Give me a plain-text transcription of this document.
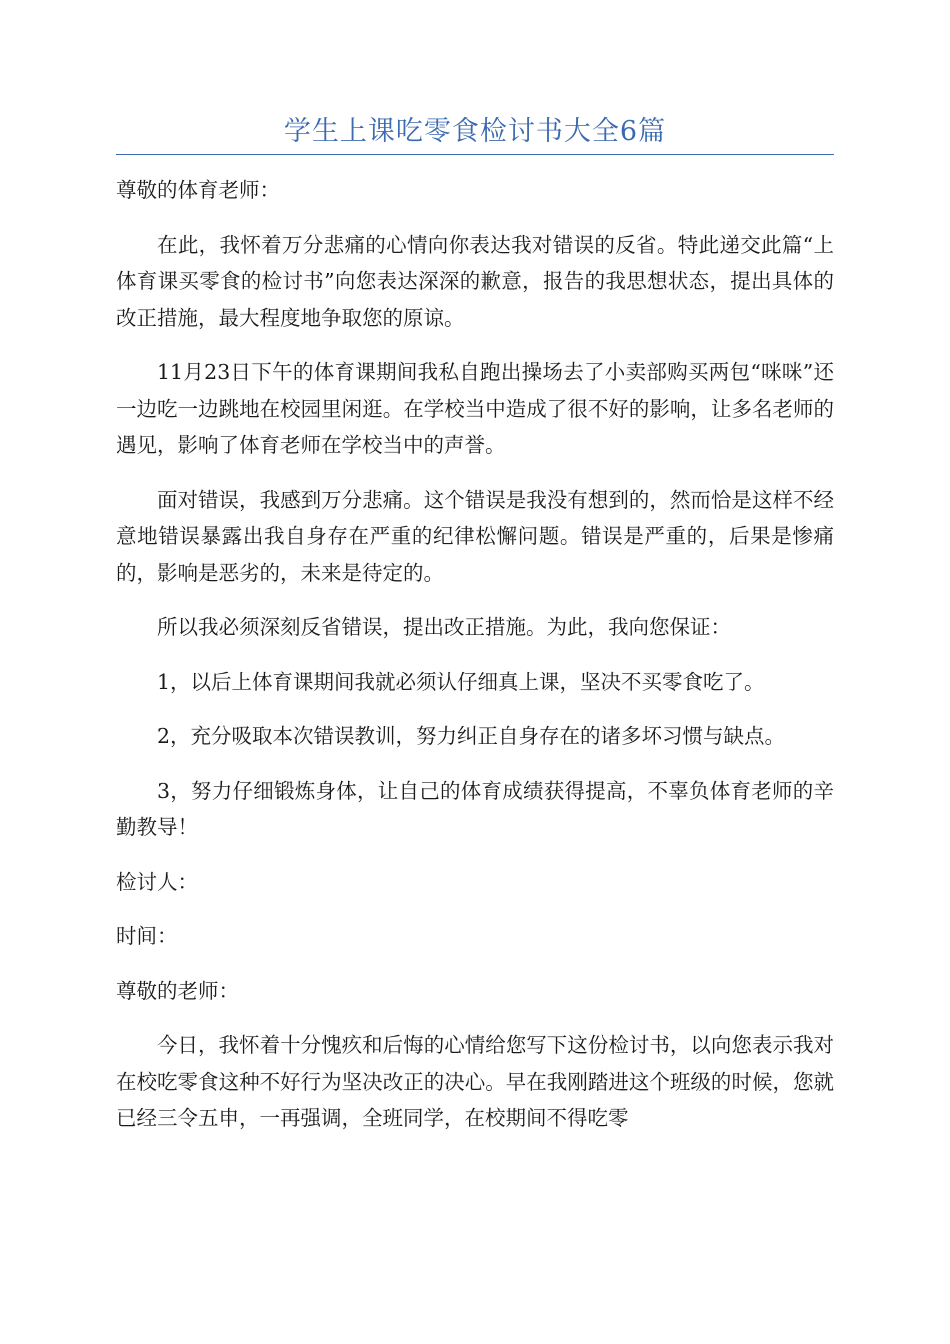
学生上课吃零食检讨书大全6篇

尊敬的体育老师：

在此，我怀着万分悲痛的心情向你表达我对错误的反省。特此递交此篇“上体育课买零食的检讨书”向您表达深深的歉意，报告的我思想状态，提出具体的改正措施，最大程度地争取您的原谅。

11月23日下午的体育课期间我私自跑出操场去了小卖部购买两包“咪咪”还一边吃一边跳地在校园里闲逛。在学校当中造成了很不好的影响，让多名老师的遇见，影响了体育老师在学校当中的声誉。

面对错误，我感到万分悲痛。这个错误是我没有想到的，然而恰是这样不经意地错误暴露出我自身存在严重的纪律松懈问题。错误是严重的，后果是惨痛的，影响是恶劣的，未来是待定的。

所以我必须深刻反省错误，提出改正措施。为此，我向您保证：

1，以后上体育课期间我就必须认仔细真上课，坚决不买零食吃了。

2，充分吸取本次错误教训，努力纠正自身存在的诸多坏习惯与缺点。

3，努力仔细锻炼身体，让自己的体育成绩获得提高，不辜负体育老师的辛勤教导！

检讨人：

时间：

尊敬的老师：

今日，我怀着十分愧疚和后悔的心情给您写下这份检讨书，以向您表示我对在校吃零食这种不好行为坚决改正的决心。早在我刚踏进这个班级的时候，您就已经三令五申，一再强调，全班同学，在校期间不得吃零
